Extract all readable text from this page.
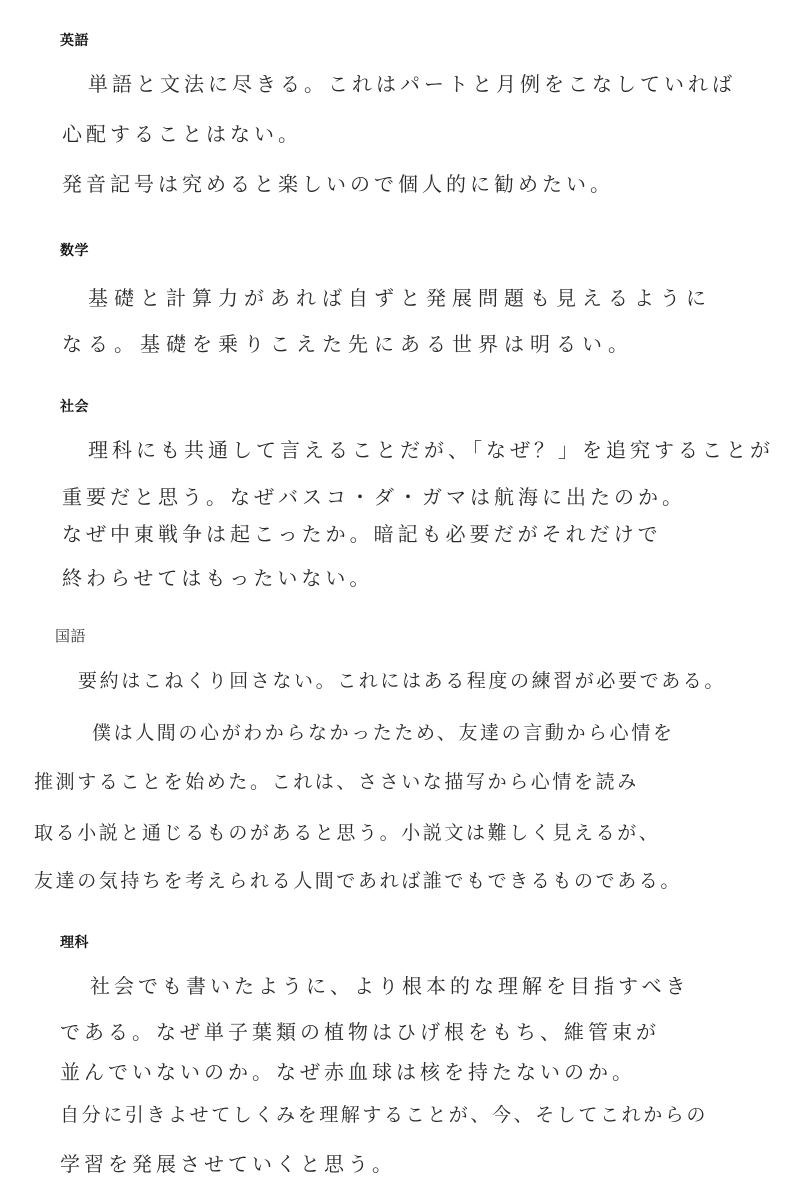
英語
単語と文法に尽きる。これはパートと月例をこなしていれば
心配することはない。
発音記号は究めると楽しいので個人的に勧めたい。
数学
基礎と計算力があれば自ずと発展問題も見えるように
なる。基礎を乗りこえた先にある世界は明るい。
社会
理科にも共通して言えることだが、「なぜ？」を追究することが
重要だと思う。なぜバスコ・ダ・ガマは航海に出たのか。
なぜ中東戦争は起こったか。暗記も必要だがそれだけで
終わらせてはもったいない。
国語
要約はこねくり回さない。これにはある程度の練習が必要である。
僕は人間の心がわからなかったため、友達の言動から心情を
推測することを始めた。これは、ささいな描写から心情を読み
取る小説と通じるものがあると思う。小説文は難しく見えるが、
友達の気持ちを考えられる人間であれば誰でもできるものである。
理科
社会でも書いたように、より根本的な理解を目指すべき
である。なぜ単子葉類の植物はひげ根をもち、維管束が
並んでいないのか。なぜ赤血球は核を持たないのか。
自分に引きよせてしくみを理解することが、今、そしてこれからの
学習を発展させていくと思う。
